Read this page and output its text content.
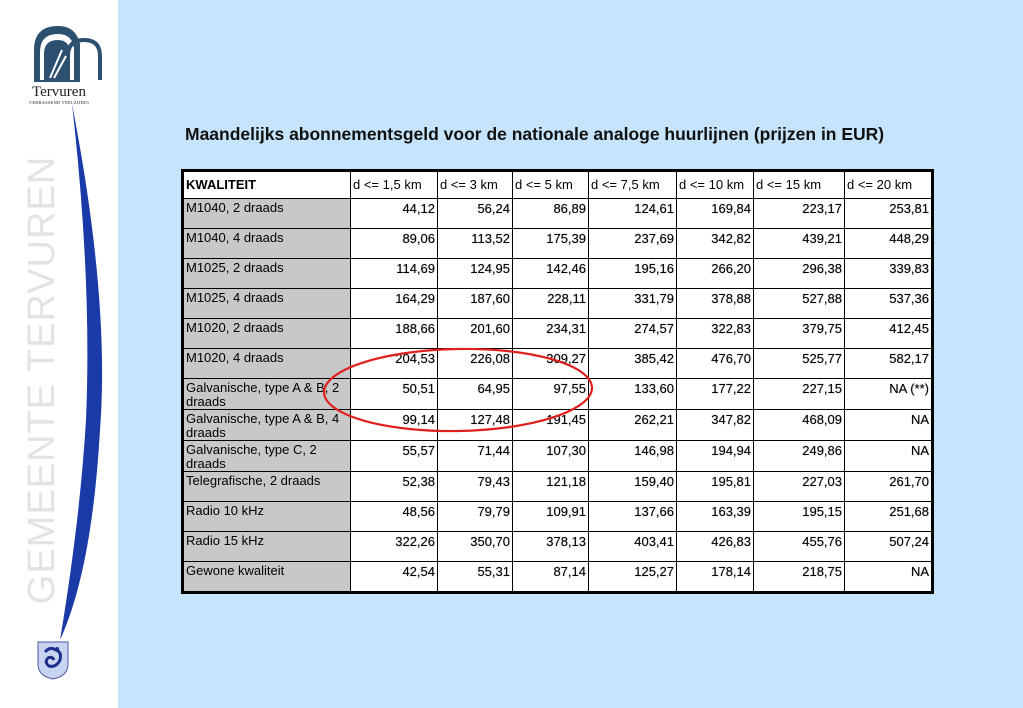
Tervuren
VERRASSEND VEELZIJDIG
GEMEENTE TERVUREN
Maandelijks abonnementsgeld voor de nationale analoge huurlijnen (prijzen in EUR)
KWALITEIT	d <= 1,5 km	d <= 3 km	d <= 5 km	d <= 7,5 km	d <= 10 km	d <= 15 km	d <= 20 km
M1040, 2 draads	44,12	56,24	86,89	124,61	169,84	223,17	253,81
M1040, 4 draads	89,06	113,52	175,39	237,69	342,82	439,21	448,29
M1025, 2 draads	114,69	124,95	142,46	195,16	266,20	296,38	339,83
M1025, 4 draads	164,29	187,60	228,11	331,79	378,88	527,88	537,36
M1020, 2 draads	188,66	201,60	234,31	274,57	322,83	379,75	412,45
M1020, 4 draads	204,53	226,08	309,27	385,42	476,70	525,77	582,17
Galvanische, type A & B, 2 draads	50,51	64,95	97,55	133,60	177,22	227,15	NA (**)
Galvanische, type A & B, 4 draads	99,14	127,48	191,45	262,21	347,82	468,09	NA
Galvanische, type C, 2 draads	55,57	71,44	107,30	146,98	194,94	249,86	NA
Telegrafische, 2 draads	52,38	79,43	121,18	159,40	195,81	227,03	261,70
Radio 10 kHz	48,56	79,79	109,91	137,66	163,39	195,15	251,68
Radio 15 kHz	322,26	350,70	378,13	403,41	426,83	455,76	507,24
Gewone kwaliteit	42,54	55,31	87,14	125,27	178,14	218,75	NA
